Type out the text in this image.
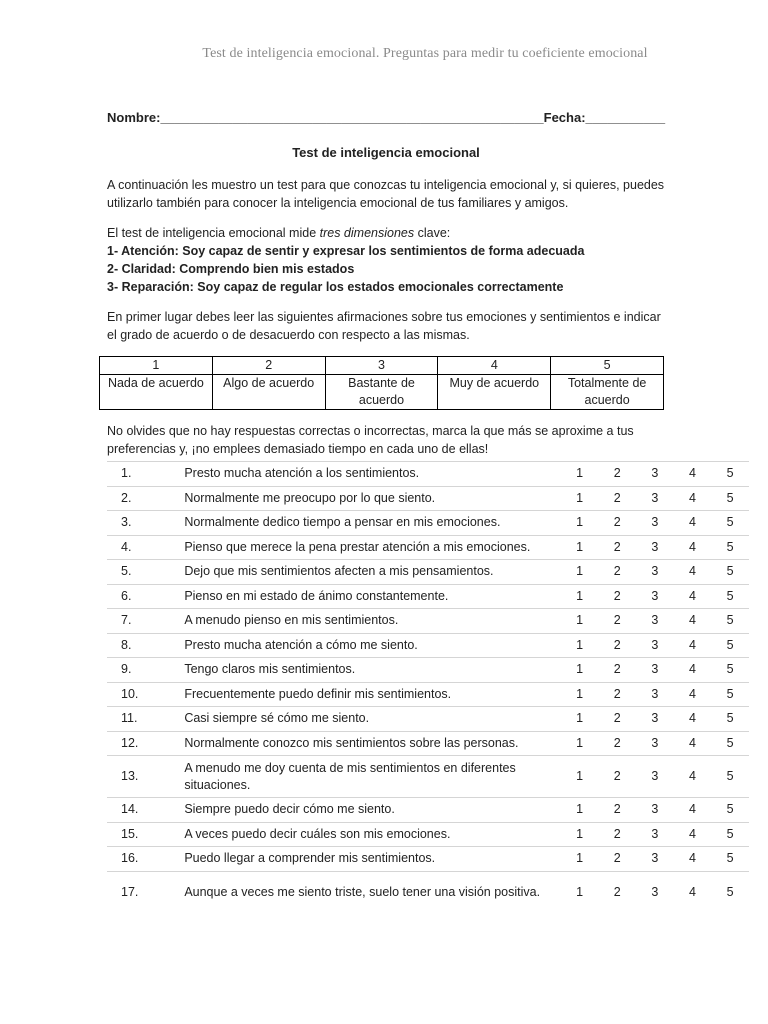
Test de inteligencia emocional. Preguntas para medir tu coeficiente emocional
Nombre:_____________________________________________________Fecha:___________
Test de inteligencia emocional

A continuación les muestro un test para que conozcas tu inteligencia emocional y, si quieres, puedes utilizarlo también para conocer la inteligencia emocional de tus familiares y amigos.

El test de inteligencia emocional mide tres dimensiones clave:
1- Atención: Soy capaz de sentir y expresar los sentimientos de forma adecuada
2- Claridad: Comprendo bien mis estados
3- Reparación: Soy capaz de regular los estados emocionales correctamente

En primer lugar debes leer las siguientes afirmaciones sobre tus emociones y sentimientos e indicar el grado de acuerdo o de desacuerdo con respecto a las mismas.

1	2	3	4	5
Nada de acuerdo	Algo de acuerdo	Bastante de acuerdo	Muy de acuerdo	Totalmente de acuerdo

No olvides que no hay respuestas correctas o incorrectas, marca la que más se aproxime a tus preferencias y, ¡no emplees demasiado tiempo en cada uno de ellas!

1.	Presto mucha atención a los sentimientos.	1	2	3	4	5
2.	Normalmente me preocupo por lo que siento.	1	2	3	4	5
3.	Normalmente dedico tiempo a pensar en mis emociones.	1	2	3	4	5
4.	Pienso que merece la pena prestar atención a mis emociones.	1	2	3	4	5
5.	Dejo que mis sentimientos afecten a mis pensamientos.	1	2	3	4	5
6.	Pienso en mi estado de ánimo constantemente.	1	2	3	4	5
7.	A menudo pienso en mis sentimientos.	1	2	3	4	5
8.	Presto mucha atención a cómo me siento.	1	2	3	4	5
9.	Tengo claros mis sentimientos.	1	2	3	4	5
10.	Frecuentemente puedo definir mis sentimientos.	1	2	3	4	5
11.	Casi siempre sé cómo me siento.	1	2	3	4	5
12.	Normalmente conozco mis sentimientos sobre las personas.	1	2	3	4	5
13.	A menudo me doy cuenta de mis sentimientos en diferentes situaciones.	1	2	3	4	5
14.	Siempre puedo decir cómo me siento.	1	2	3	4	5
15.	A veces puedo decir cuáles son mis emociones.	1	2	3	4	5
16.	Puedo llegar a comprender mis sentimientos.	1	2	3	4	5
17.	Aunque a veces me siento triste, suelo tener una visión positiva.	1	2	3	4	5
